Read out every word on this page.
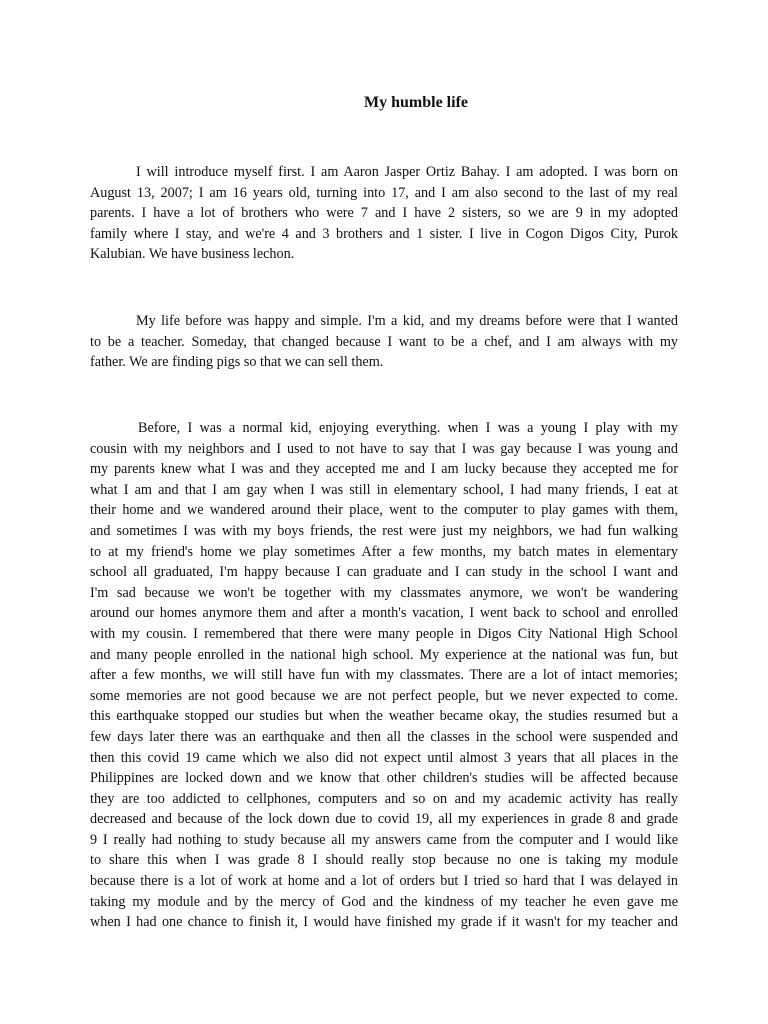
My humble life
I will introduce myself first. I am Aaron Jasper Ortiz Bahay. I am adopted. I was born on
August 13, 2007; I am 16 years old, turning into 17, and I am also second to the last of my real
parents. I have a lot of brothers who were 7 and I have 2 sisters, so we are 9 in my adopted
family where I stay, and we're 4 and 3 brothers and 1 sister. I live in Cogon Digos City, Purok
Kalubian. We have business lechon.
My life before was happy and simple. I'm a kid, and my dreams before were that I wanted
to be a teacher. Someday, that changed because I want to be a chef, and I am always with my
father. We are finding pigs so that we can sell them.
Before, I was a normal kid, enjoying everything. when I was a young I play with my
cousin with my neighbors and I used to not have to say that I was gay because I was young and
my parents knew what I was and they accepted me and I am lucky because they accepted me for
what I am and that I am gay when I was still in elementary school, I had many friends, I eat at
their home and we wandered around their place, went to the computer to play games with them,
and sometimes I was with my boys friends, the rest were just my neighbors, we had fun walking
to at my friend's home we play sometimes After a few months, my batch mates in elementary
school all graduated, I'm happy because I can graduate and I can study in the school I want and
I'm sad because we won't be together with my classmates anymore, we won't be wandering
around our homes anymore them and after a month's vacation, I went back to school and enrolled
with my cousin. I remembered that there were many people in Digos City National High School
and many people enrolled in the national high school. My experience at the national was fun, but
after a few months, we will still have fun with my classmates. There are a lot of intact memories;
some memories are not good because we are not perfect people, but we never expected to come.
this earthquake stopped our studies but when the weather became okay, the studies resumed but a
few days later there was an earthquake and then all the classes in the school were suspended and
then this covid 19 came which we also did not expect until almost 3 years that all places in the
Philippines are locked down and we know that other children's studies will be affected because
they are too addicted to cellphones, computers and so on and my academic activity has really
decreased and because of the lock down due to covid 19, all my experiences in grade 8 and grade
9 I really had nothing to study because all my answers came from the computer and I would like
to share this when I was grade 8 I should really stop because no one is taking my module
because there is a lot of work at home and a lot of orders but I tried so hard that I was delayed in
taking my module and by the mercy of God and the kindness of my teacher he even gave me
when I had one chance to finish it, I would have finished my grade if it wasn't for my teacher and
